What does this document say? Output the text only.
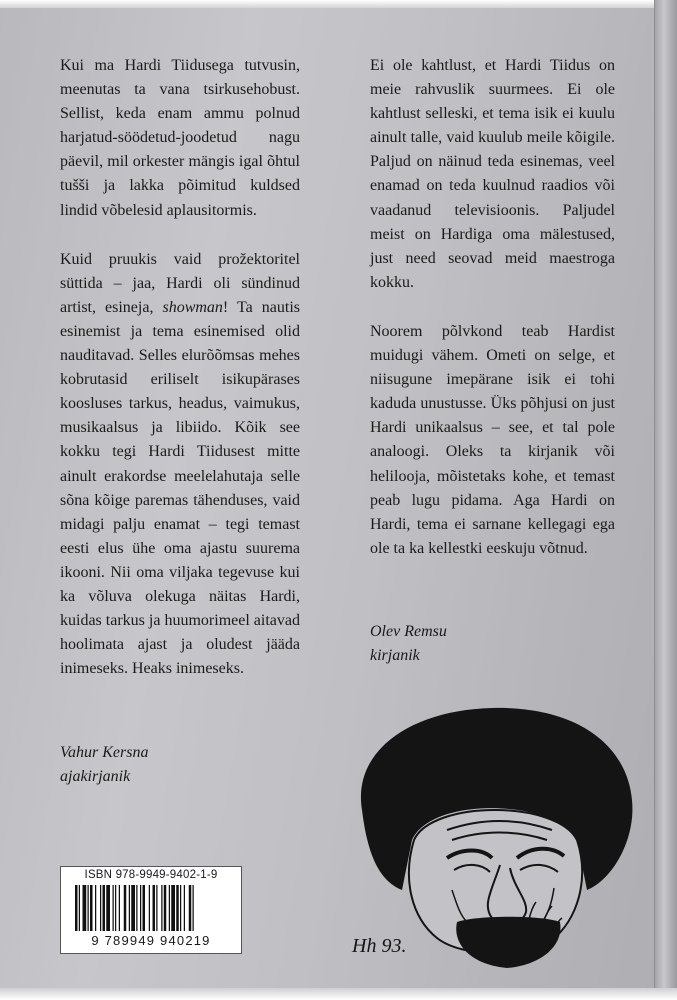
Kui ma Hardi Tiidusega tutvusin, meenutas ta vana tsirkusehobust. Sellist, keda enam ammu polnud harjatud-söödetud-joodetud nagu päevil, mil orkester mängis igal õhtul tušši ja lakka põimitud kuldsed lindid võbelesid aplausitormis.

Kuid pruukis vaid prožektoritel süttida – jaa, Hardi oli sündinud artist, esineja, showman! Ta nautis esinemist ja tema esinemised olid nauditavad. Selles elurõõmsas mehes kobrutasid eriliselt isikupärases koosluses tarkus, headus, vaimukus, musikaalsus ja libiido. Kõik see kokku tegi Hardi Tiidusest mitte ainult erakordse meelelahutaja selle sõna kõige paremas tähenduses, vaid midagi palju enamat – tegi temast eesti elus ühe oma ajastu suurema ikooni. Nii oma viljaka tegevuse kui ka võluva olekuga näitas Hardi, kuidas tarkus ja huumorimeel aitavad hoolimata ajast ja oludest jääda inimeseks. Heaks inimeseks.

Vahur Kersna

ajakirjanik

Ei ole kahtlust, et Hardi Tiidus on meie rahvuslik suurmees. Ei ole kahtlust selleski, et tema isik ei kuulu ainult talle, vaid kuulub meile kõigile. Paljud on näinud teda esinemas, veel enamad on teda kuulnud raadios või vaadanud televisioonis. Paljudel meist on Hardiga oma mälestused, just need seovad meid maestroga kokku.

Noorem põlvkond teab Hardist muidugi vähem. Ometi on selge, et niisugune imepärane isik ei tohi kaduda unustusse. Üks põhjusi on just Hardi unikaalsus – see, et tal pole analoogi. Oleks ta kirjanik või helilooja, mõistetaks kohe, et temast peab lugu pidama. Aga Hardi on Hardi, tema ei sarnane kellegagi ega ole ta ka kellestki eeskuju võtnud.

Olev Remsu

kirjanik

ISBN 978-9949-9402-1-9
9 789949 940219	Hh 93.
